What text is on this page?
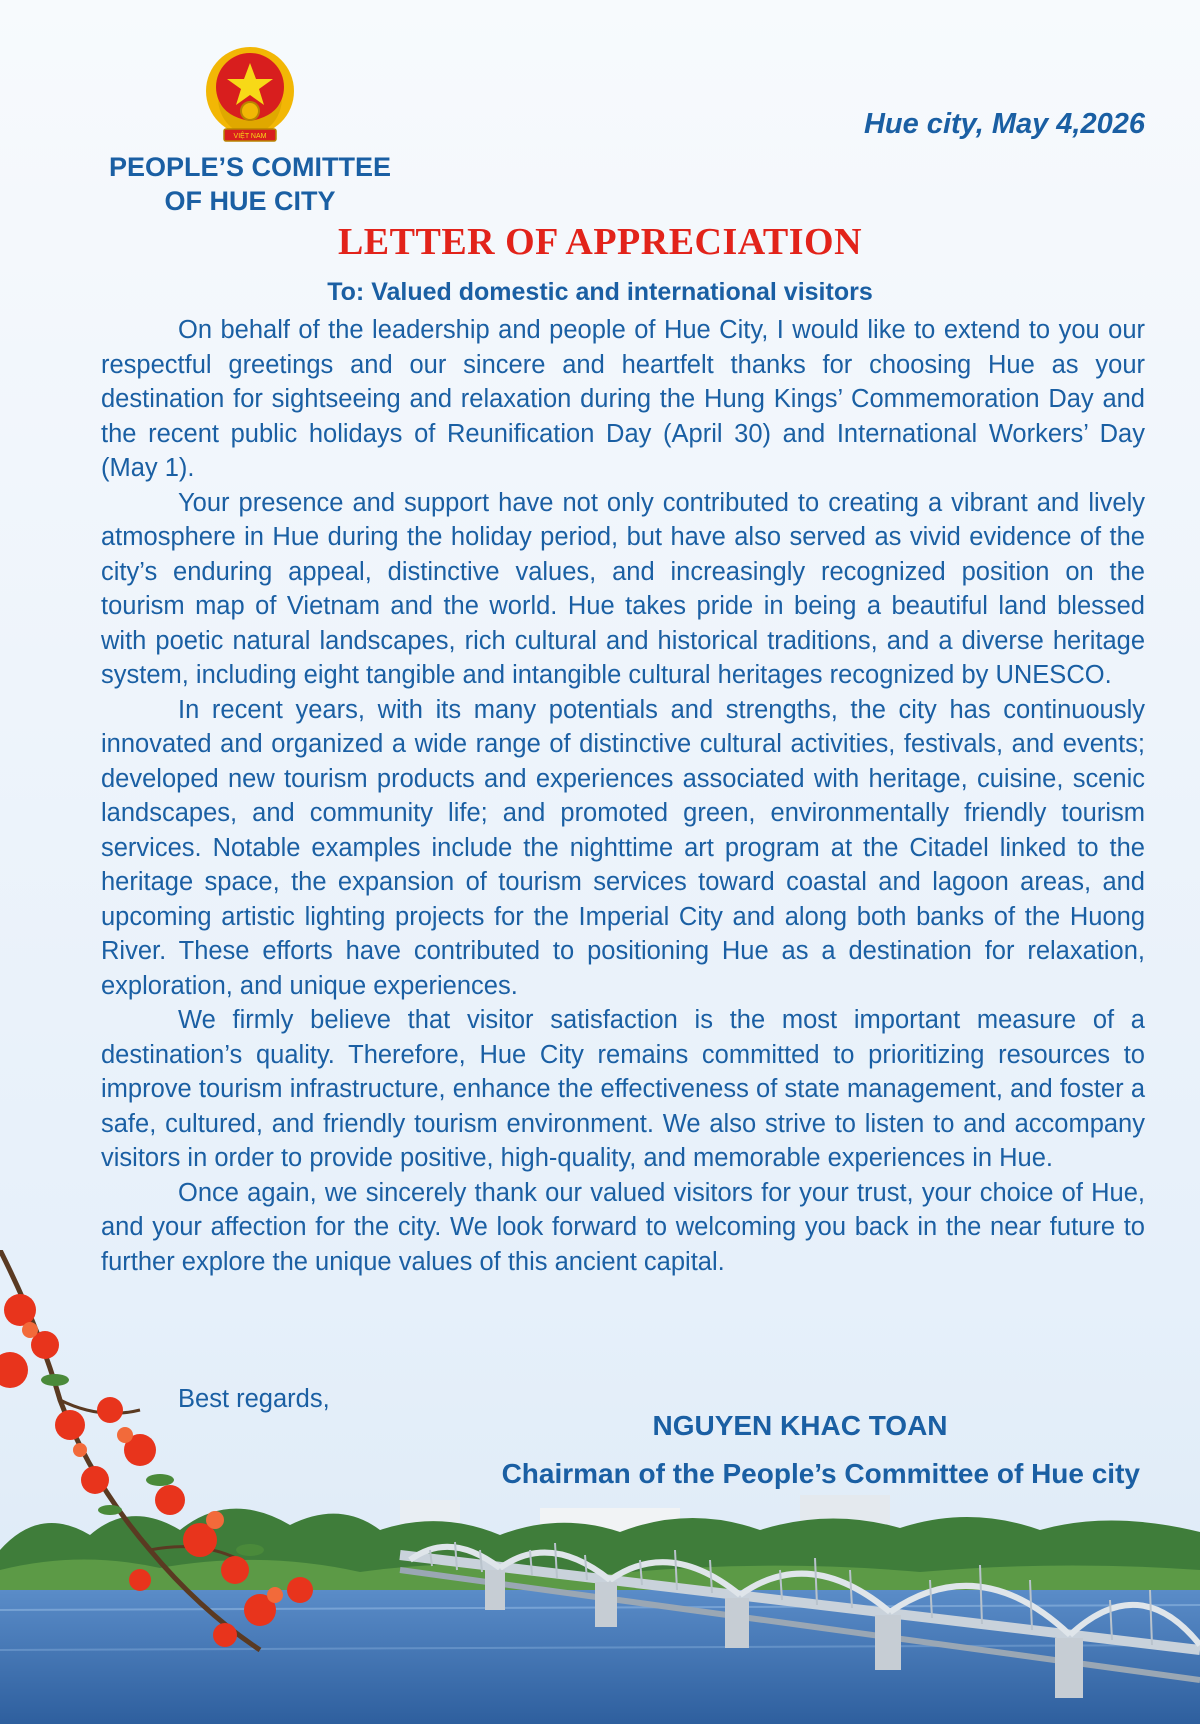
VIỆT NAM
PEOPLE’S COMITTEE
OF HUE CITY
Hue city, May 4,2026
LETTER OF APPRECIATION
To: Valued domestic and international visitors

On behalf of the leadership and people of Hue City, I would like to extend to you our respectful greetings and our sincere and heartfelt thanks for choosing Hue as your destination for sightseeing and relaxation during the Hung Kings’ Commemoration Day and the recent public holidays of Reunification Day (April 30) and International Workers’ Day (May 1).

Your presence and support have not only contributed to creating a vibrant and lively atmosphere in Hue during the holiday period, but have also served as vivid evidence of the city’s enduring appeal, distinctive values, and increasingly recognized position on the tourism map of Vietnam and the world. Hue takes pride in being a beautiful land blessed with poetic natural landscapes, rich cultural and historical traditions, and a diverse heritage system, including eight tangible and intangible cultural heritages recognized by UNESCO.

In recent years, with its many potentials and strengths, the city has continuously innovated and organized a wide range of distinctive cultural activities, festivals, and events; developed new tourism products and experiences associated with heritage, cuisine, scenic landscapes, and community life; and promoted green, environmentally friendly tourism services. Notable examples include the nighttime art program at the Citadel linked to the heritage space, the expansion of tourism services toward coastal and lagoon areas, and upcoming artistic lighting projects for the Imperial City and along both banks of the Huong River. These efforts have contributed to positioning Hue as a destination for relaxation, exploration, and unique experiences.

We firmly believe that visitor satisfaction is the most important measure of a destination’s quality. Therefore, Hue City remains committed to prioritizing resources to improve tourism infrastructure, enhance the effectiveness of state management, and foster a safe, cultured, and friendly tourism environment. We also strive to listen to and accompany visitors in order to provide positive, high-quality, and memorable experiences in Hue.

Once again, we sincerely thank our valued visitors for your trust, your choice of Hue, and your affection for the city. We look forward to welcoming you back in the near future to further explore the unique values of this ancient capital.

Best regards,
NGUYEN KHAC TOAN
Chairman of the People’s Committee of Hue city
